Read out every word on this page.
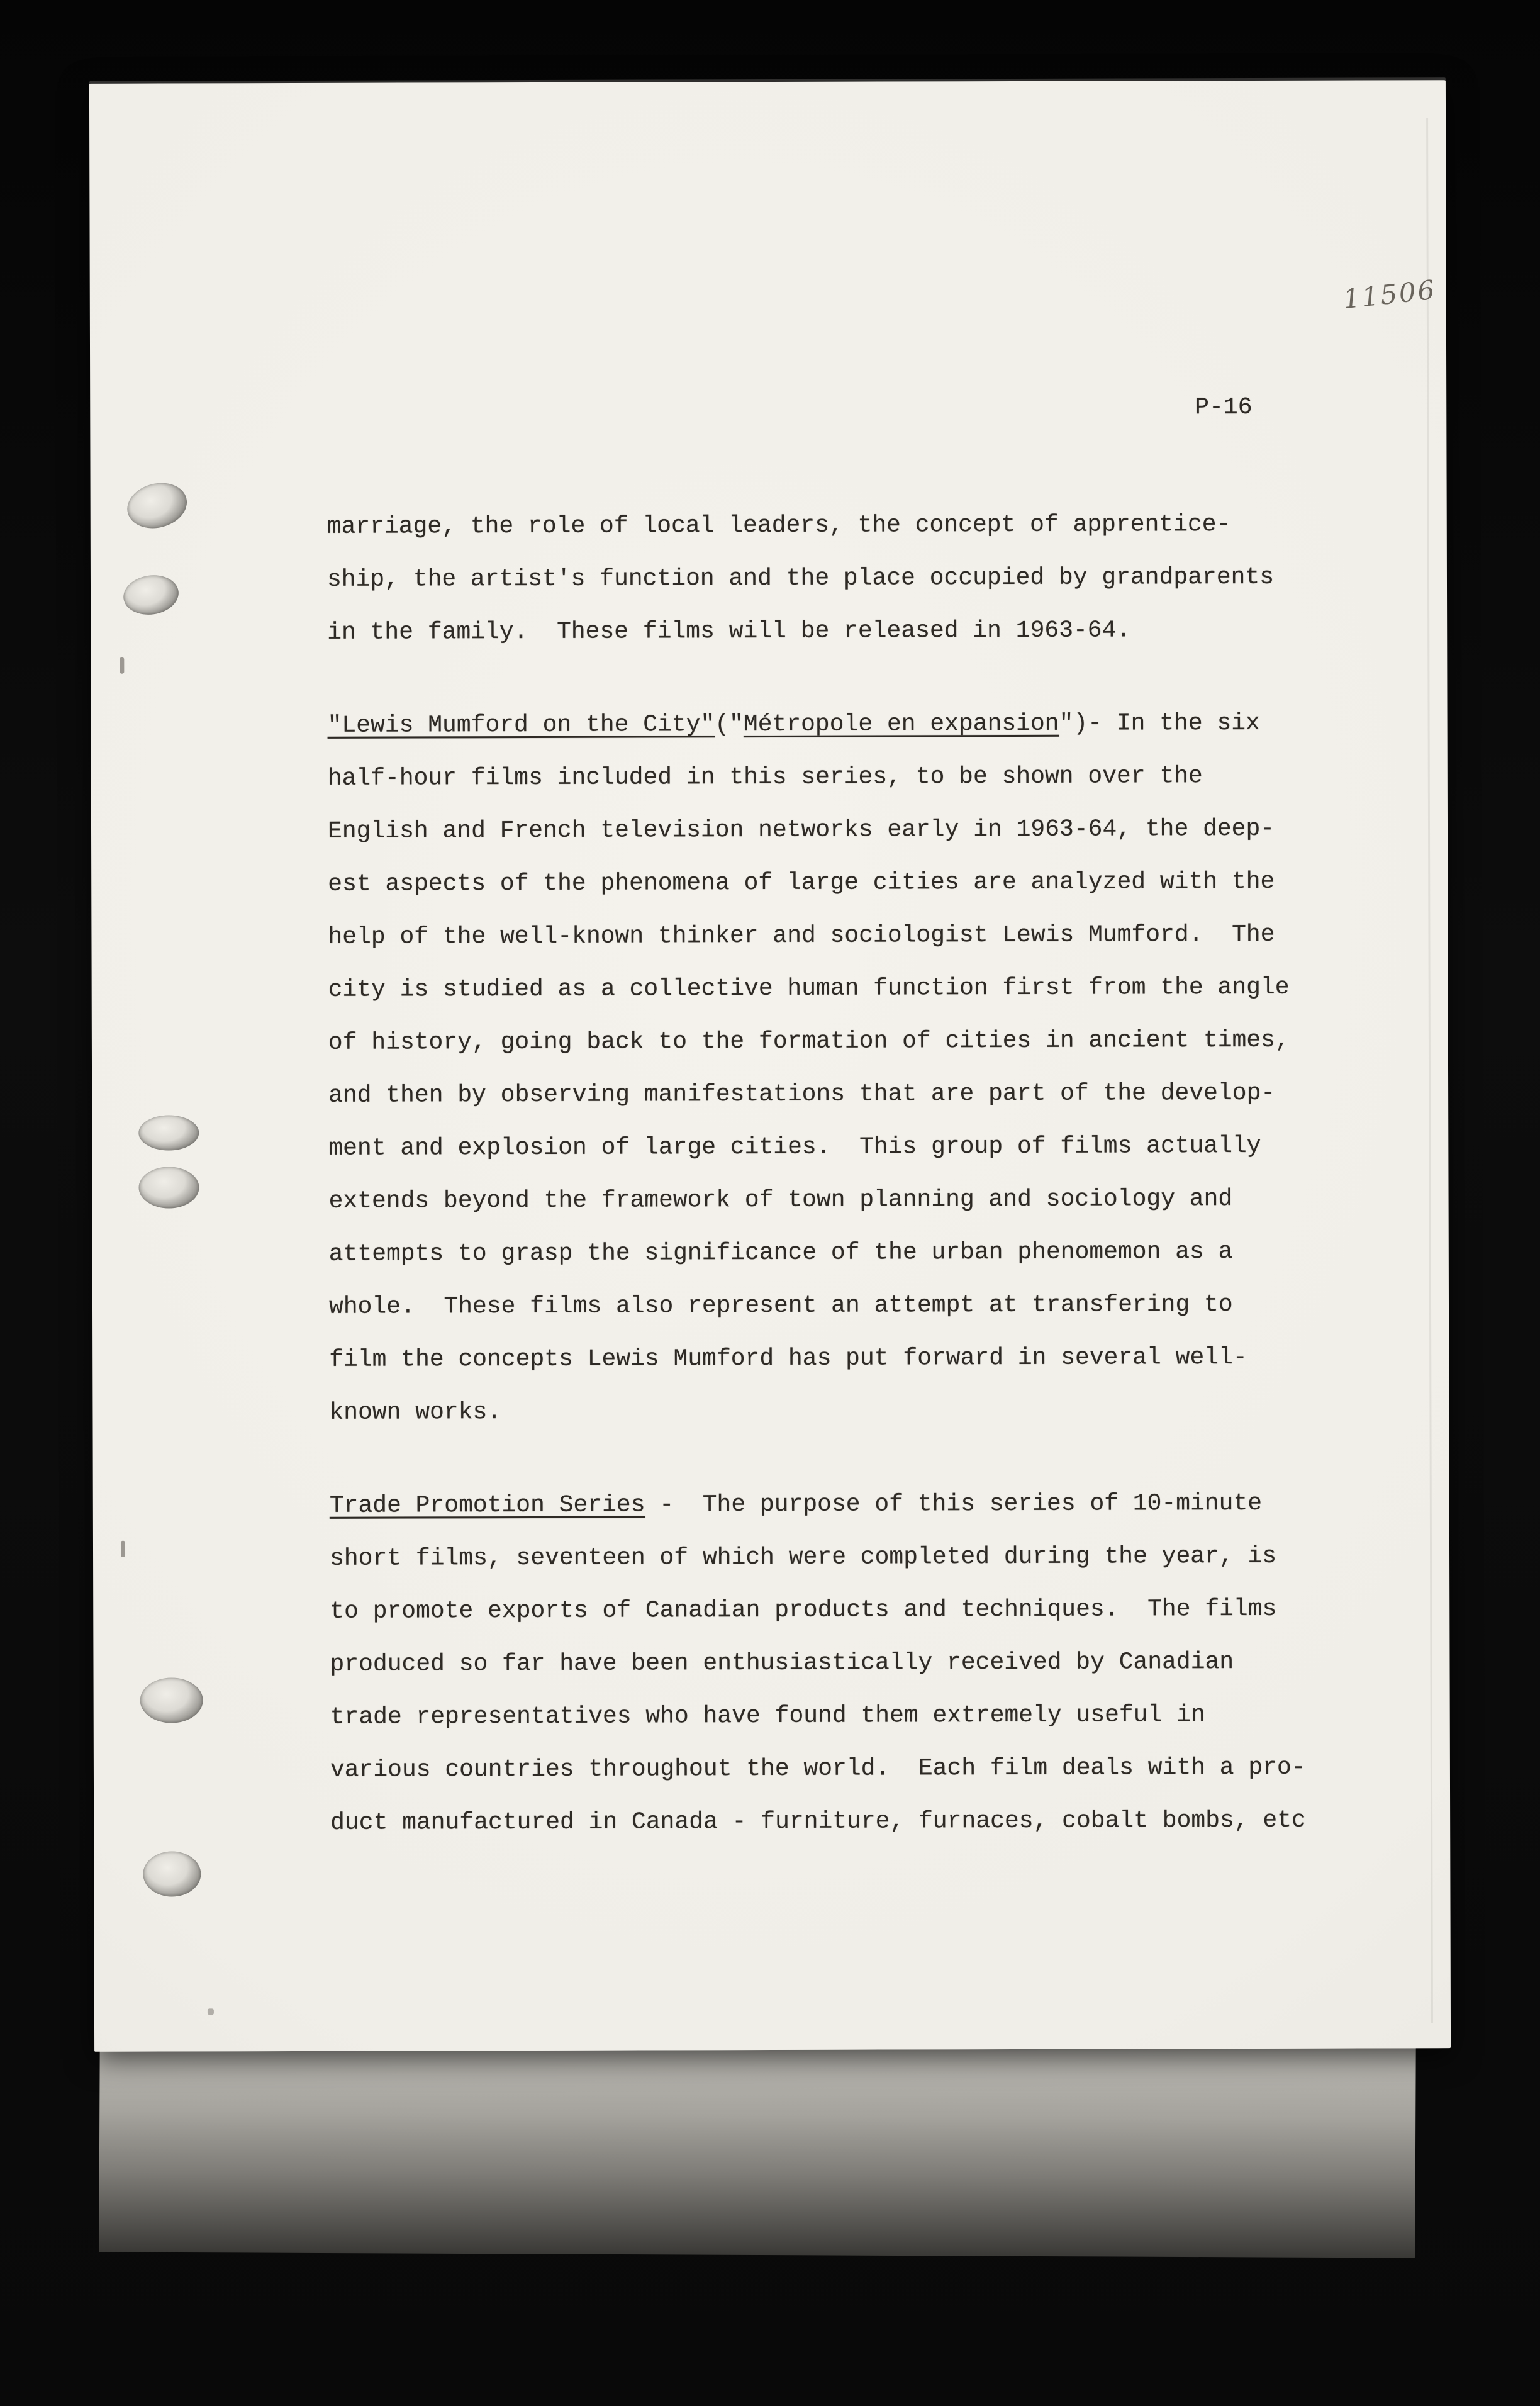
11506
P-16

marriage, the role of local leaders, the concept of apprentice-
ship, the artist's function and the place occupied by grandparents
in the family.  These films will be released in 1963-64.

"Lewis Mumford on the City"("Métropole en expansion")- In the six
half-hour films included in this series, to be shown over the
English and French television networks early in 1963-64, the deep-
est aspects of the phenomena of large cities are analyzed with the
help of the well-known thinker and sociologist Lewis Mumford.  The
city is studied as a collective human function first from the angle
of history, going back to the formation of cities in ancient times,
and then by observing manifestations that are part of the develop-
ment and explosion of large cities.  This group of films actually
extends beyond the framework of town planning and sociology and
attempts to grasp the significance of the urban phenomemon as a
whole.  These films also represent an attempt at transfering to
film the concepts Lewis Mumford has put forward in several well-
known works.

Trade Promotion Series -  The purpose of this series of 10-minute
short films, seventeen of which were completed during the year, is
to promote exports of Canadian products and techniques.  The films
produced so far have been enthusiastically received by Canadian
trade representatives who have found them extremely useful in
various countries throughout the world.  Each film deals with a pro-
duct manufactured in Canada - furniture, furnaces, cobalt bombs, etc
